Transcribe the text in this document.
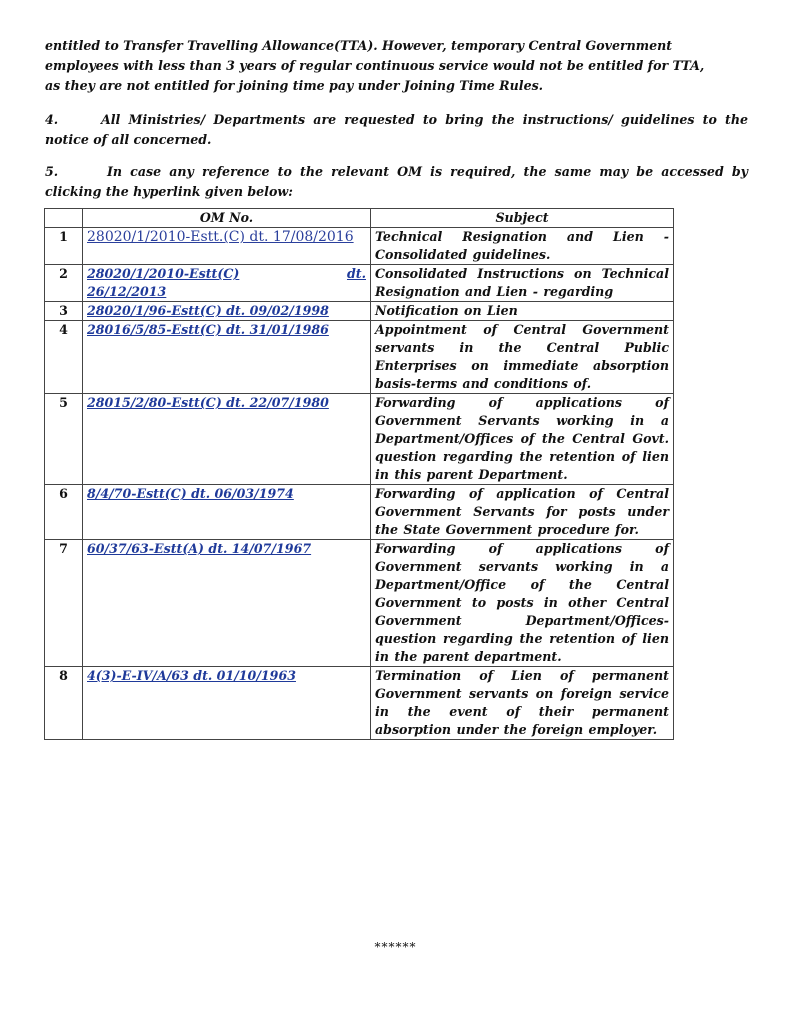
entitled to Transfer Travelling Allowance(TTA). However, temporary Central Government
employees with less than 3 years of regular continuous service would not be entitled for TTA,
as they are not entitled for joining time pay under Joining Time Rules.

4.	All Ministries/ Departments are requested to bring the instructions/ guidelines to the notice of all concerned.

5.	In case any reference to the relevant OM is required, the same may be accessed by clicking the hyperlink given below:

	OM No.	Subject
1	28020/1/2010-Estt.(C) dt. 17/08/2016	Technical Resignation and Lien - Consolidated guidelines.
2	28020/1/2010-Estt(C) dt.
26/12/2013	Consolidated Instructions on Technical Resignation and Lien - regarding
3	28020/1/96-Estt(C) dt. 09/02/1998	Notification on Lien
4	28016/5/85-Estt(C) dt. 31/01/1986	Appointment of Central Government servants in the Central Public Enterprises on immediate absorption basis-terms and conditions of.
5	28015/2/80-Estt(C) dt. 22/07/1980	Forwarding of applications of Government Servants working in a Department/Offices of the Central Govt. question regarding the retention of lien in this parent Department.
6	8/4/70-Estt(C) dt. 06/03/1974	Forwarding of application of Central Government Servants for posts under the State Government procedure for.
7	60/37/63-Estt(A) dt. 14/07/1967	Forwarding of applications of Government servants working in a Department/Office of the Central Government to posts in other Central Government Department/Offices-question regarding the retention of lien in the parent department.
8	4(3)-E-IV/A/63 dt. 01/10/1963	Termination of Lien of permanent Government servants on foreign service in the event of their permanent absorption under the foreign employer.
******
